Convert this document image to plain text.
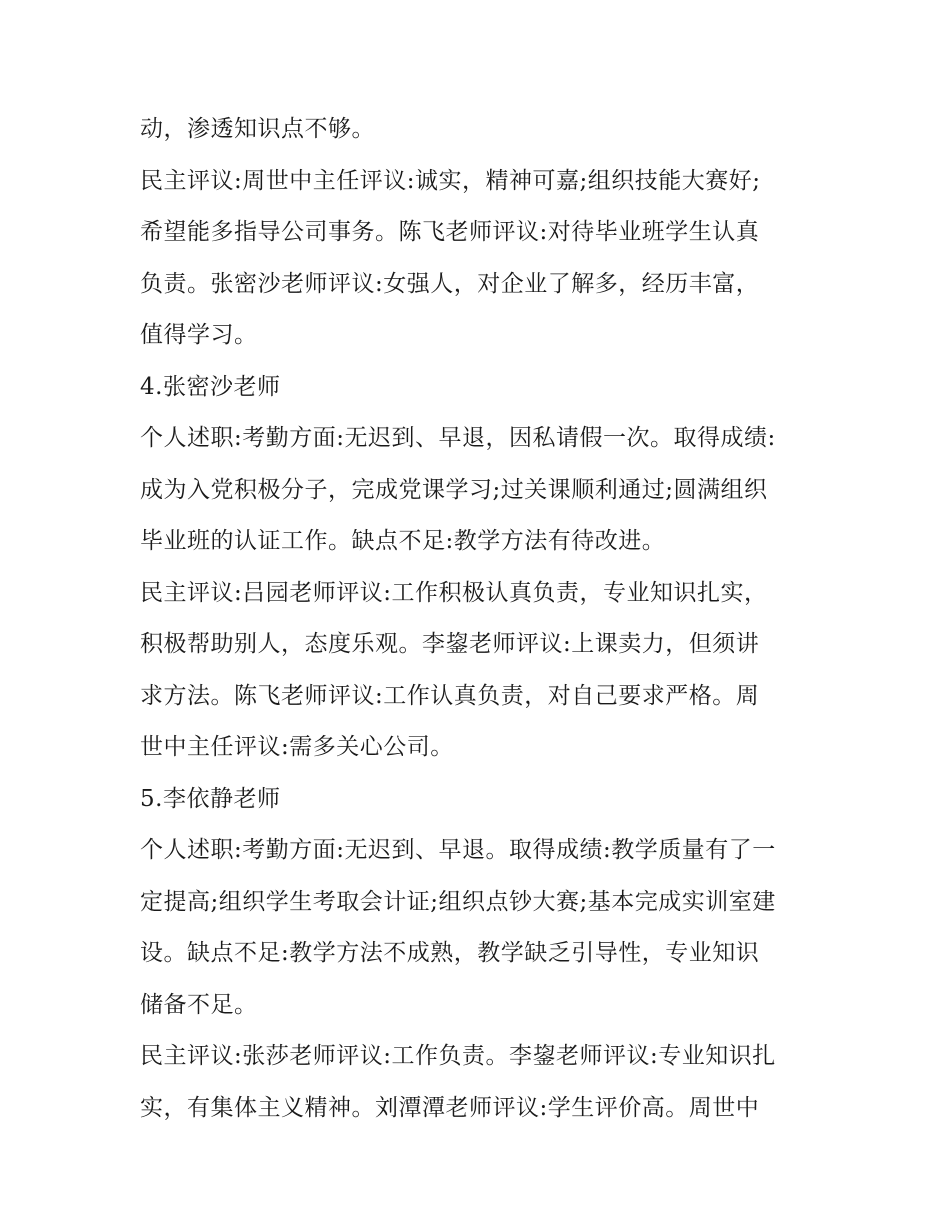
动，渗透知识点不够。
民主评议:周世中主任评议:诚实，精神可嘉;组织技能大赛好;
希望能多指导公司事务。陈飞老师评议:对待毕业班学生认真
负责。张密沙老师评议:女强人，对企业了解多，经历丰富，
值得学习。
4.张密沙老师
个人述职:考勤方面:无迟到、早退，因私请假一次。取得成绩:
成为入党积极分子，完成党课学习;过关课顺利通过;圆满组织
毕业班的认证工作。缺点不足:教学方法有待改进。
民主评议:吕园老师评议:工作积极认真负责，专业知识扎实，
积极帮助别人，态度乐观。李鋆老师评议:上课卖力，但须讲
求方法。陈飞老师评议:工作认真负责，对自己要求严格。周
世中主任评议:需多关心公司。
5.李依静老师
个人述职:考勤方面:无迟到、早退。取得成绩:教学质量有了一
定提高;组织学生考取会计证;组织点钞大赛;基本完成实训室建
设。缺点不足:教学方法不成熟，教学缺乏引导性，专业知识
储备不足。
民主评议:张莎老师评议:工作负责。李鋆老师评议:专业知识扎
实，有集体主义精神。刘潭潭老师评议:学生评价高。周世中
